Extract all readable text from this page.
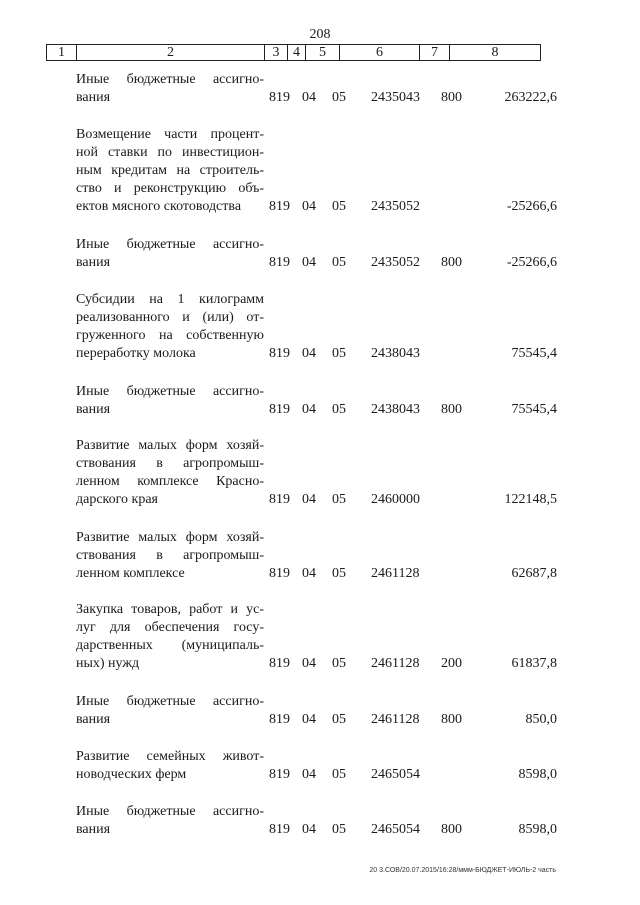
208
1	2	3	4	5	6	7	8
Иные бюджетные ассигно-
вания	819 04 05 2435043 800	263222,6
Возмещение части процент-
ной ставки по инвестицион-
ным кредитам на строитель-
ство и реконструкцию объ-
ектов мясного скотоводства	819 04 05 2435052	-25266,6
Иные бюджетные ассигно-
вания	819 04 05 2435052 800	-25266,6
Субсидии на 1 килограмм
реализованного и (или) от-
груженного на собственную
переработку молока	819 04 05 2438043	75545,4
Иные бюджетные ассигно-
вания	819 04 05 2438043 800	75545,4
Развитие малых форм хозяй-
ствования в агропромыш-
ленном комплексе Красно-
дарского края	819 04 05 2460000	122148,5
Развитие малых форм хозяй-
ствования в агропромыш-
ленном комплексе	819 04 05 2461128	62687,8
Закупка товаров, работ и ус-
луг для обеспечения госу-
дарственных (муниципаль-
ных) нужд	819 04 05 2461128 200	61837,8
Иные бюджетные ассигно-
вания	819 04 05 2461128 800	850,0
Развитие семейных живот-
новодческих ферм	819 04 05 2465054	8598,0
Иные бюджетные ассигно-
вания	819 04 05 2465054 800	8598,0
20 3.СОВ/20.07.2015/16:28/ммм-БЮДЖЕТ-ИЮЛЬ-2 часть
